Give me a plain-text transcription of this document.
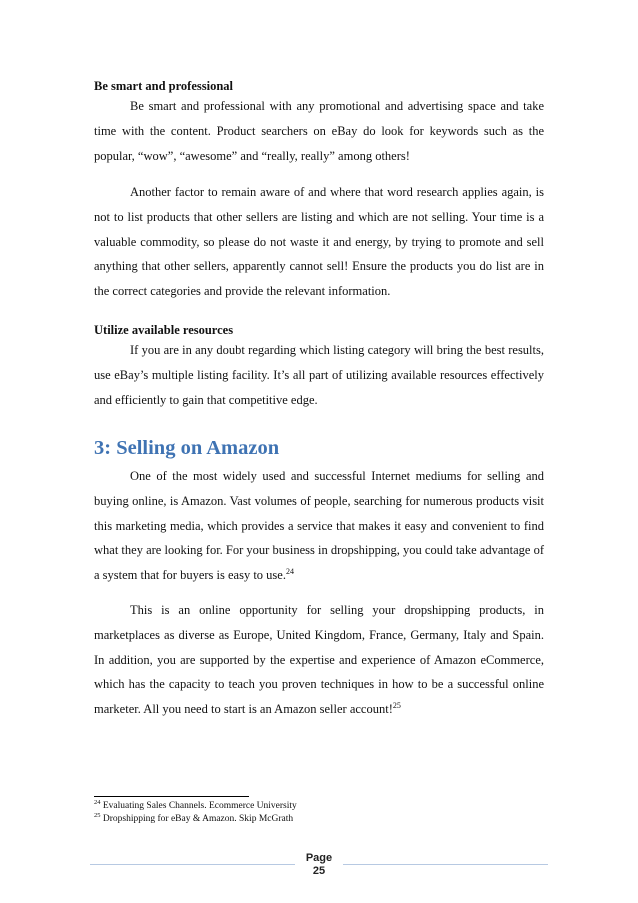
Be smart and professional

Be smart and professional with any promotional and advertising space and take time with the content. Product searchers on eBay do look for keywords such as the popular, “wow”, “awesome” and “really, really” among others!

Another factor to remain aware of and where that word research applies again, is not to list products that other sellers are listing and which are not selling. Your time is a valuable commodity, so please do not waste it and energy, by trying to promote and sell anything that other sellers, apparently cannot sell! Ensure the products you do list are in the correct categories and provide the relevant information.

Utilize available resources

If you are in any doubt regarding which listing category will bring the best results, use eBay’s multiple listing facility. It’s all part of utilizing available resources effectively and efficiently to gain that competitive edge.

3: Selling on Amazon

One of the most widely used and successful Internet mediums for selling and buying online, is Amazon. Vast volumes of people, searching for numerous products visit this marketing media, which provides a service that makes it easy and convenient to find what they are looking for. For your business in dropshipping, you could take advantage of a system that for buyers is easy to use.$^{24}$

This is an online opportunity for selling your dropshipping products, in marketplaces as diverse as Europe, United Kingdom, France, Germany, Italy and Spain. In addition, you are supported by the expertise and experience of Amazon eCommerce, which has the capacity to teach you proven techniques in how to be a successful online marketer. All you need to start is an Amazon seller account!$^{25}$

$^{24}$ Evaluating Sales Channels. Ecommerce University
$^{25}$ Dropshipping for eBay & Amazon. Skip McGrath
Page
25
